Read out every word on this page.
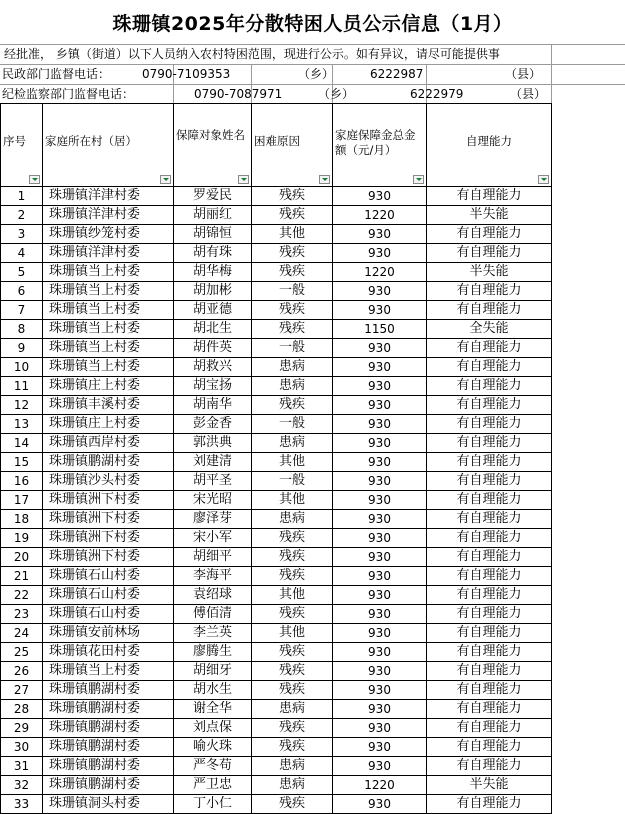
珠珊镇2025年分散特困人员公示信息（1月）
经批准， 乡镇（街道）以下人员纳入农村特困范围，现进行公示。如有异议，请尽可能提供事
民政部门监督电话：	0790-7109353	（乡）	6222987	（县）
纪检监察部门监督电话：	0790-7087971	（乡）	6222979	（县）
序号	家庭所在村（居）	保障对象姓名	困难原因	家庭保障金总金额（元/月）	自理能力

1	珠珊镇洋津村委	罗爱民	残疾	930	有自理能力
2	珠珊镇洋津村委	胡丽红	残疾	1220	半失能
3	珠珊镇纱笼村委	胡锦恒	其他	930	有自理能力
4	珠珊镇洋津村委	胡有珠	残疾	930	有自理能力
5	珠珊镇当上村委	胡华梅	残疾	1220	半失能
6	珠珊镇当上村委	胡加彬	一般	930	有自理能力
7	珠珊镇当上村委	胡亚德	残疾	930	有自理能力
8	珠珊镇当上村委	胡北生	残疾	1150	全失能
9	珠珊镇当上村委	胡件英	一般	930	有自理能力
10	珠珊镇当上村委	胡救兴	患病	930	有自理能力
11	珠珊镇庄上村委	胡宝扬	患病	930	有自理能力
12	珠珊镇丰溪村委	胡南华	残疾	930	有自理能力
13	珠珊镇庄上村委	彭金香	一般	930	有自理能力
14	珠珊镇西岸村委	郭洪典	患病	930	有自理能力
15	珠珊镇鹏湖村委	刘建清	其他	930	有自理能力
16	珠珊镇沙头村委	胡平圣	一般	930	有自理能力
17	珠珊镇洲下村委	宋光昭	其他	930	有自理能力
18	珠珊镇洲下村委	廖泽芽	患病	930	有自理能力
19	珠珊镇洲下村委	宋小军	残疾	930	有自理能力
20	珠珊镇洲下村委	胡细平	残疾	930	有自理能力
21	珠珊镇石山村委	李海平	残疾	930	有自理能力
22	珠珊镇石山村委	袁绍球	其他	930	有自理能力
23	珠珊镇石山村委	傅佰清	残疾	930	有自理能力
24	珠珊镇安前林场	李兰英	其他	930	有自理能力
25	珠珊镇花田村委	廖腾生	残疾	930	有自理能力
26	珠珊镇当上村委	胡细牙	残疾	930	有自理能力
27	珠珊镇鹏湖村委	胡水生	残疾	930	有自理能力
28	珠珊镇鹏湖村委	谢全华	患病	930	有自理能力
29	珠珊镇鹏湖村委	刘点保	残疾	930	有自理能力
30	珠珊镇鹏湖村委	喻火珠	残疾	930	有自理能力
31	珠珊镇鹏湖村委	严冬苟	患病	930	有自理能力
32	珠珊镇鹏湖村委	严卫忠	患病	1220	半失能
33	珠珊镇洞头村委	丁小仁	残疾	930	有自理能力
